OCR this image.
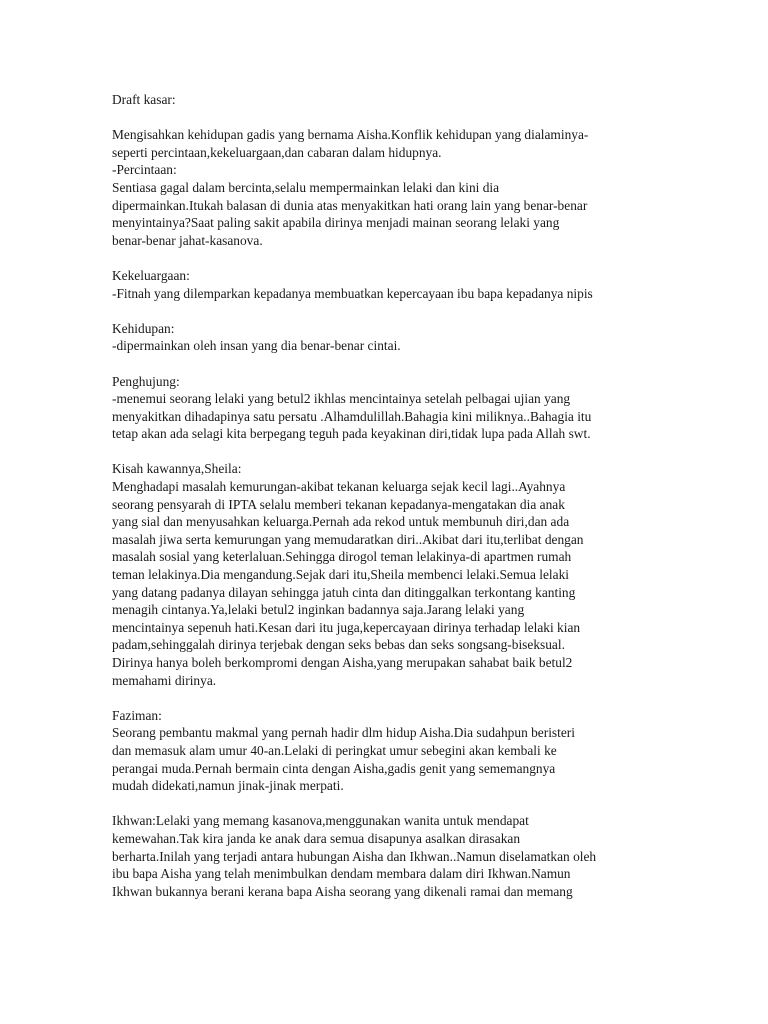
Draft kasar:
Mengisahkan kehidupan gadis yang bernama Aisha.Konflik kehidupan yang dialaminya-
seperti percintaan,kekeluargaan,dan cabaran dalam hidupnya.
-Percintaan:
Sentiasa gagal dalam bercinta,selalu mempermainkan lelaki dan kini dia
dipermainkan.Itukah balasan di dunia atas menyakitkan hati orang lain yang benar-benar
menyintainya?Saat paling sakit apabila dirinya menjadi mainan seorang lelaki yang
benar-benar jahat-kasanova.
Kekeluargaan:
-Fitnah yang dilemparkan kepadanya membuatkan kepercayaan ibu bapa kepadanya nipis
Kehidupan:
-dipermainkan oleh insan yang dia benar-benar cintai.
Penghujung:
-menemui seorang lelaki yang betul2 ikhlas mencintainya setelah pelbagai ujian yang
menyakitkan dihadapinya satu persatu .Alhamdulillah.Bahagia kini miliknya..Bahagia itu
tetap akan ada selagi kita berpegang teguh pada keyakinan diri,tidak lupa pada Allah swt.
Kisah kawannya,Sheila:
Menghadapi masalah kemurungan-akibat tekanan keluarga sejak kecil lagi..Ayahnya
seorang pensyarah di IPTA selalu memberi tekanan kepadanya-mengatakan dia anak
yang sial dan menyusahkan keluarga.Pernah ada rekod untuk membunuh diri,dan ada
masalah jiwa serta kemurungan yang memudaratkan diri..Akibat dari itu,terlibat dengan
masalah sosial yang keterlaluan.Sehingga dirogol teman lelakinya-di apartmen rumah
teman lelakinya.Dia mengandung.Sejak dari itu,Sheila membenci lelaki.Semua lelaki
yang datang padanya dilayan sehingga jatuh cinta dan ditinggalkan terkontang kanting
menagih cintanya.Ya,lelaki betul2 inginkan badannya saja.Jarang lelaki yang
mencintainya sepenuh hati.Kesan dari itu juga,kepercayaan dirinya terhadap lelaki kian
padam,sehinggalah dirinya terjebak dengan seks bebas dan seks songsang-biseksual.
Dirinya hanya boleh berkompromi dengan Aisha,yang merupakan sahabat baik betul2
memahami dirinya.
Faziman:
Seorang pembantu makmal yang pernah hadir dlm hidup Aisha.Dia sudahpun beristeri
dan memasuk alam umur 40-an.Lelaki di peringkat umur sebegini akan kembali ke
perangai muda.Pernah bermain cinta dengan Aisha,gadis genit yang sememangnya
mudah didekati,namun jinak-jinak merpati.
Ikhwan:Lelaki yang memang kasanova,menggunakan wanita untuk mendapat
kemewahan.Tak kira janda ke anak dara semua disapunya asalkan dirasakan
berharta.Inilah yang terjadi antara hubungan Aisha dan Ikhwan..Namun diselamatkan oleh
ibu bapa Aisha yang telah menimbulkan dendam membara dalam diri Ikhwan.Namun
Ikhwan bukannya berani kerana bapa Aisha seorang yang dikenali ramai dan memang
